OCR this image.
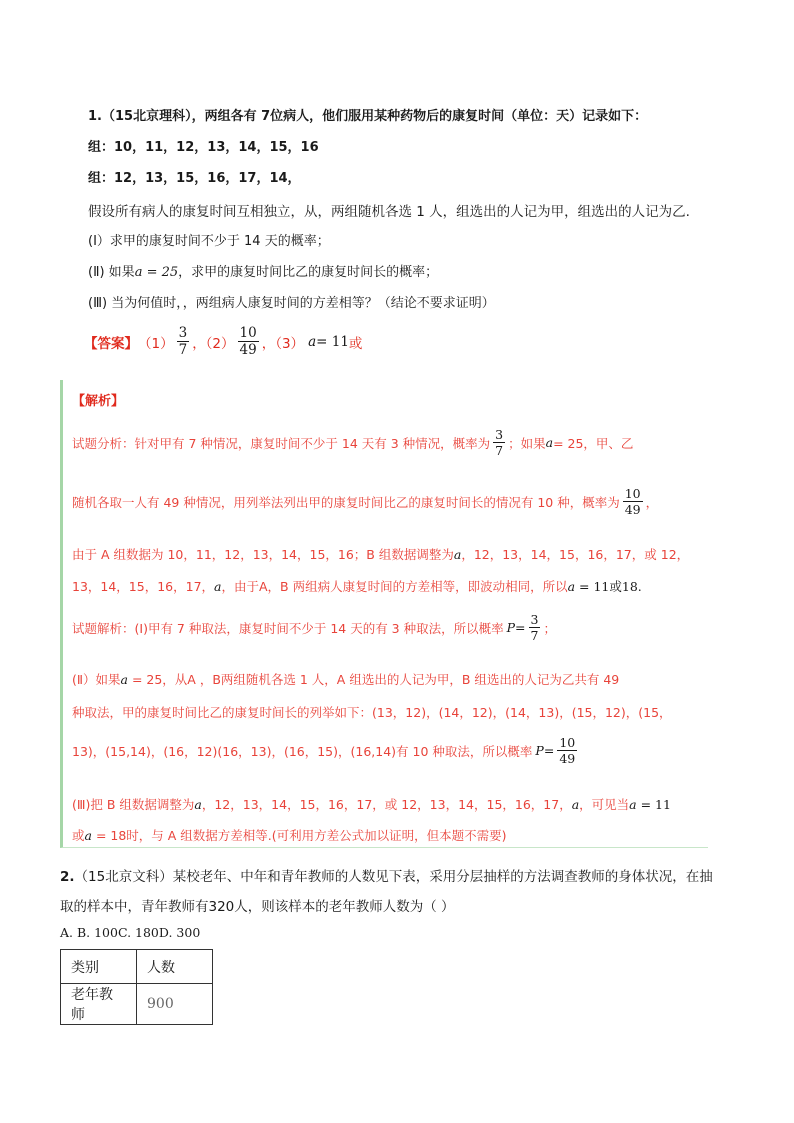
1.（15北京理科），两组各有 7位病人，他们服用某种药物后的康复时间（单位：天）记录如下：
组：10，11，12，13，14，15，16
组：12，13，15，16，17，14，
假设所有病人的康复时间互相独立，从，两组随机各选 1 人，组选出的人记为甲，组选出的人记为乙.
(Ⅰ）求甲的康复时间不少于 14 天的概率；
(Ⅱ) 如果a = 25，求甲的康复时间比乙的康复时间长的概率；
(Ⅲ) 当为何值时，，两组病人康复时间的方差相等？（结论不要求证明）
【答案】 $(1) \frac{3}{7}$ ，$(2) \frac{10}{49}$ ，（3） a = 11 或
【解析】
试题分析：针对甲有 7 种情况，康复时间不少于 14 天有 3 种情况，概率为 $\frac{3}{7}$ ；如果 a = 25，甲、乙
随机各取一人有 49 种情况，用列举法列出甲的康复时间比乙的康复时间长的情况有 10 种，概率为 $\frac{10}{49}$ ，
由于 A 组数据为 10，11，12，13，14，15，16；B 组数据调整为a，12，13，14，15，16，17，或 12，
13，14，15，16，17，a，由于A，B 两组病人康复时间的方差相等，即波动相同，所以a = 11或18.
试题解析：(Ⅰ)甲有 7 种取法，康复时间不少于 14 天的有 3 种取法，所以概率 $P = \frac{3}{7}$ ；
(Ⅱ）如果a = 25，从A ，B两组随机各选 1 人，A 组选出的人记为甲，B 组选出的人记为乙共有 49
种取法，甲的康复时间比乙的康复时间长的列举如下：(13，12)，(14，12)，(14，13)，(15，12)，(15，
13)，(15,14)，(16，12)(16，13)，(16，15)，(16,14)有 10 种取法，所以概率 $P = \frac{10}{49}$
(Ⅲ)把 B 组数据调整为a，12，13，14，15，16，17，或 12，13，14，15，16，17，a，可见当a = 11
或a = 18时，与 A 组数据方差相等.(可利用方差公式加以证明，但本题不需要)
2.（15北京文科）某校老年、中年和青年教师的人数见下表，采用分层抽样的方法调查教师的身体状况，在抽
取的样本中，青年教师有320人，则该样本的老年教师人数为（ ）
A. B. 100C. 180D. 300
类别	人数
老年教师	900
